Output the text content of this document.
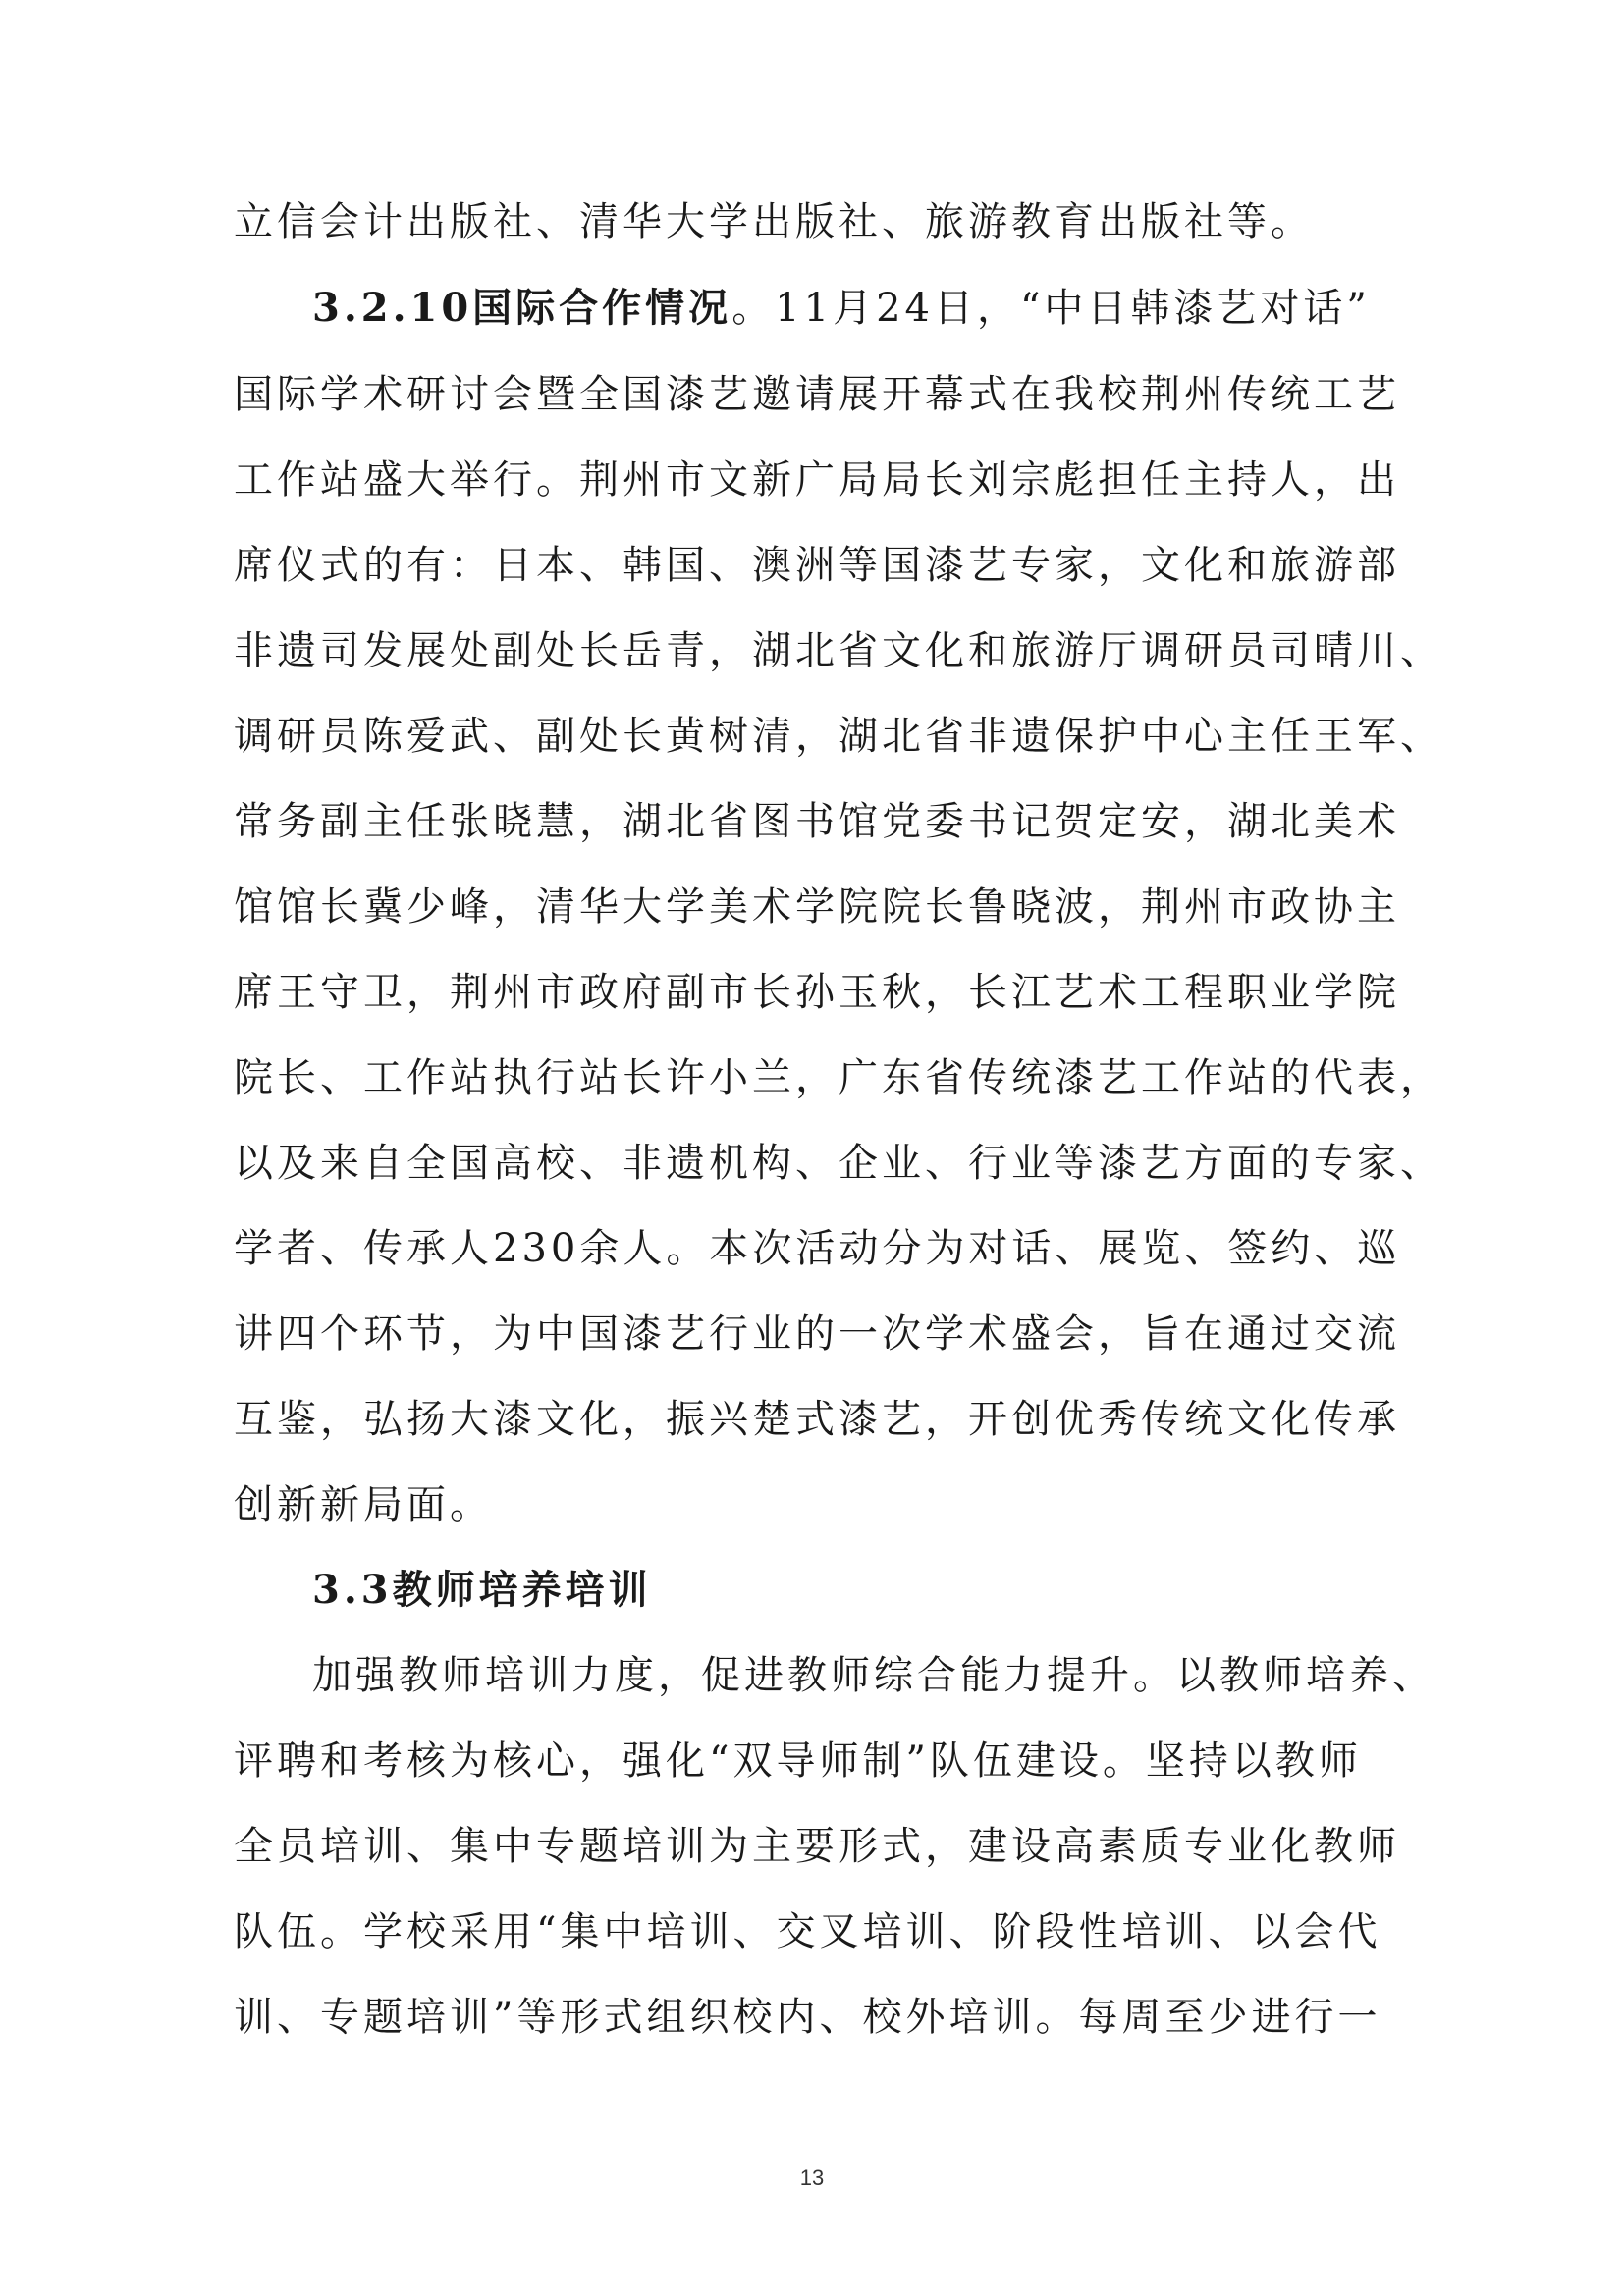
立信会计出版社、清华大学出版社、旅游教育出版社等。
3.2.10国际合作情况。11月24日，“中日韩漆艺对话”
国际学术研讨会暨全国漆艺邀请展开幕式在我校荆州传统工艺
工作站盛大举行。荆州市文新广局局长刘宗彪担任主持人，出
席仪式的有：日本、韩国、澳洲等国漆艺专家，文化和旅游部
非遗司发展处副处长岳青，湖北省文化和旅游厅调研员司晴川、
调研员陈爱武、副处长黄树清，湖北省非遗保护中心主任王军、
常务副主任张晓慧，湖北省图书馆党委书记贺定安，湖北美术
馆馆长冀少峰，清华大学美术学院院长鲁晓波，荆州市政协主
席王守卫，荆州市政府副市长孙玉秋，长江艺术工程职业学院
院长、工作站执行站长许小兰，广东省传统漆艺工作站的代表，
以及来自全国高校、非遗机构、企业、行业等漆艺方面的专家、
学者、传承人230余人。本次活动分为对话、展览、签约、巡
讲四个环节，为中国漆艺行业的一次学术盛会，旨在通过交流
互鉴，弘扬大漆文化，振兴楚式漆艺，开创优秀传统文化传承
创新新局面。
3.3教师培养培训
加强教师培训力度，促进教师综合能力提升。以教师培养、
评聘和考核为核心，强化“双导师制”队伍建设。坚持以教师
全员培训、集中专题培训为主要形式，建设高素质专业化教师
队伍。学校采用“集中培训、交叉培训、阶段性培训、以会代
训、专题培训”等形式组织校内、校外培训。每周至少进行一
13
